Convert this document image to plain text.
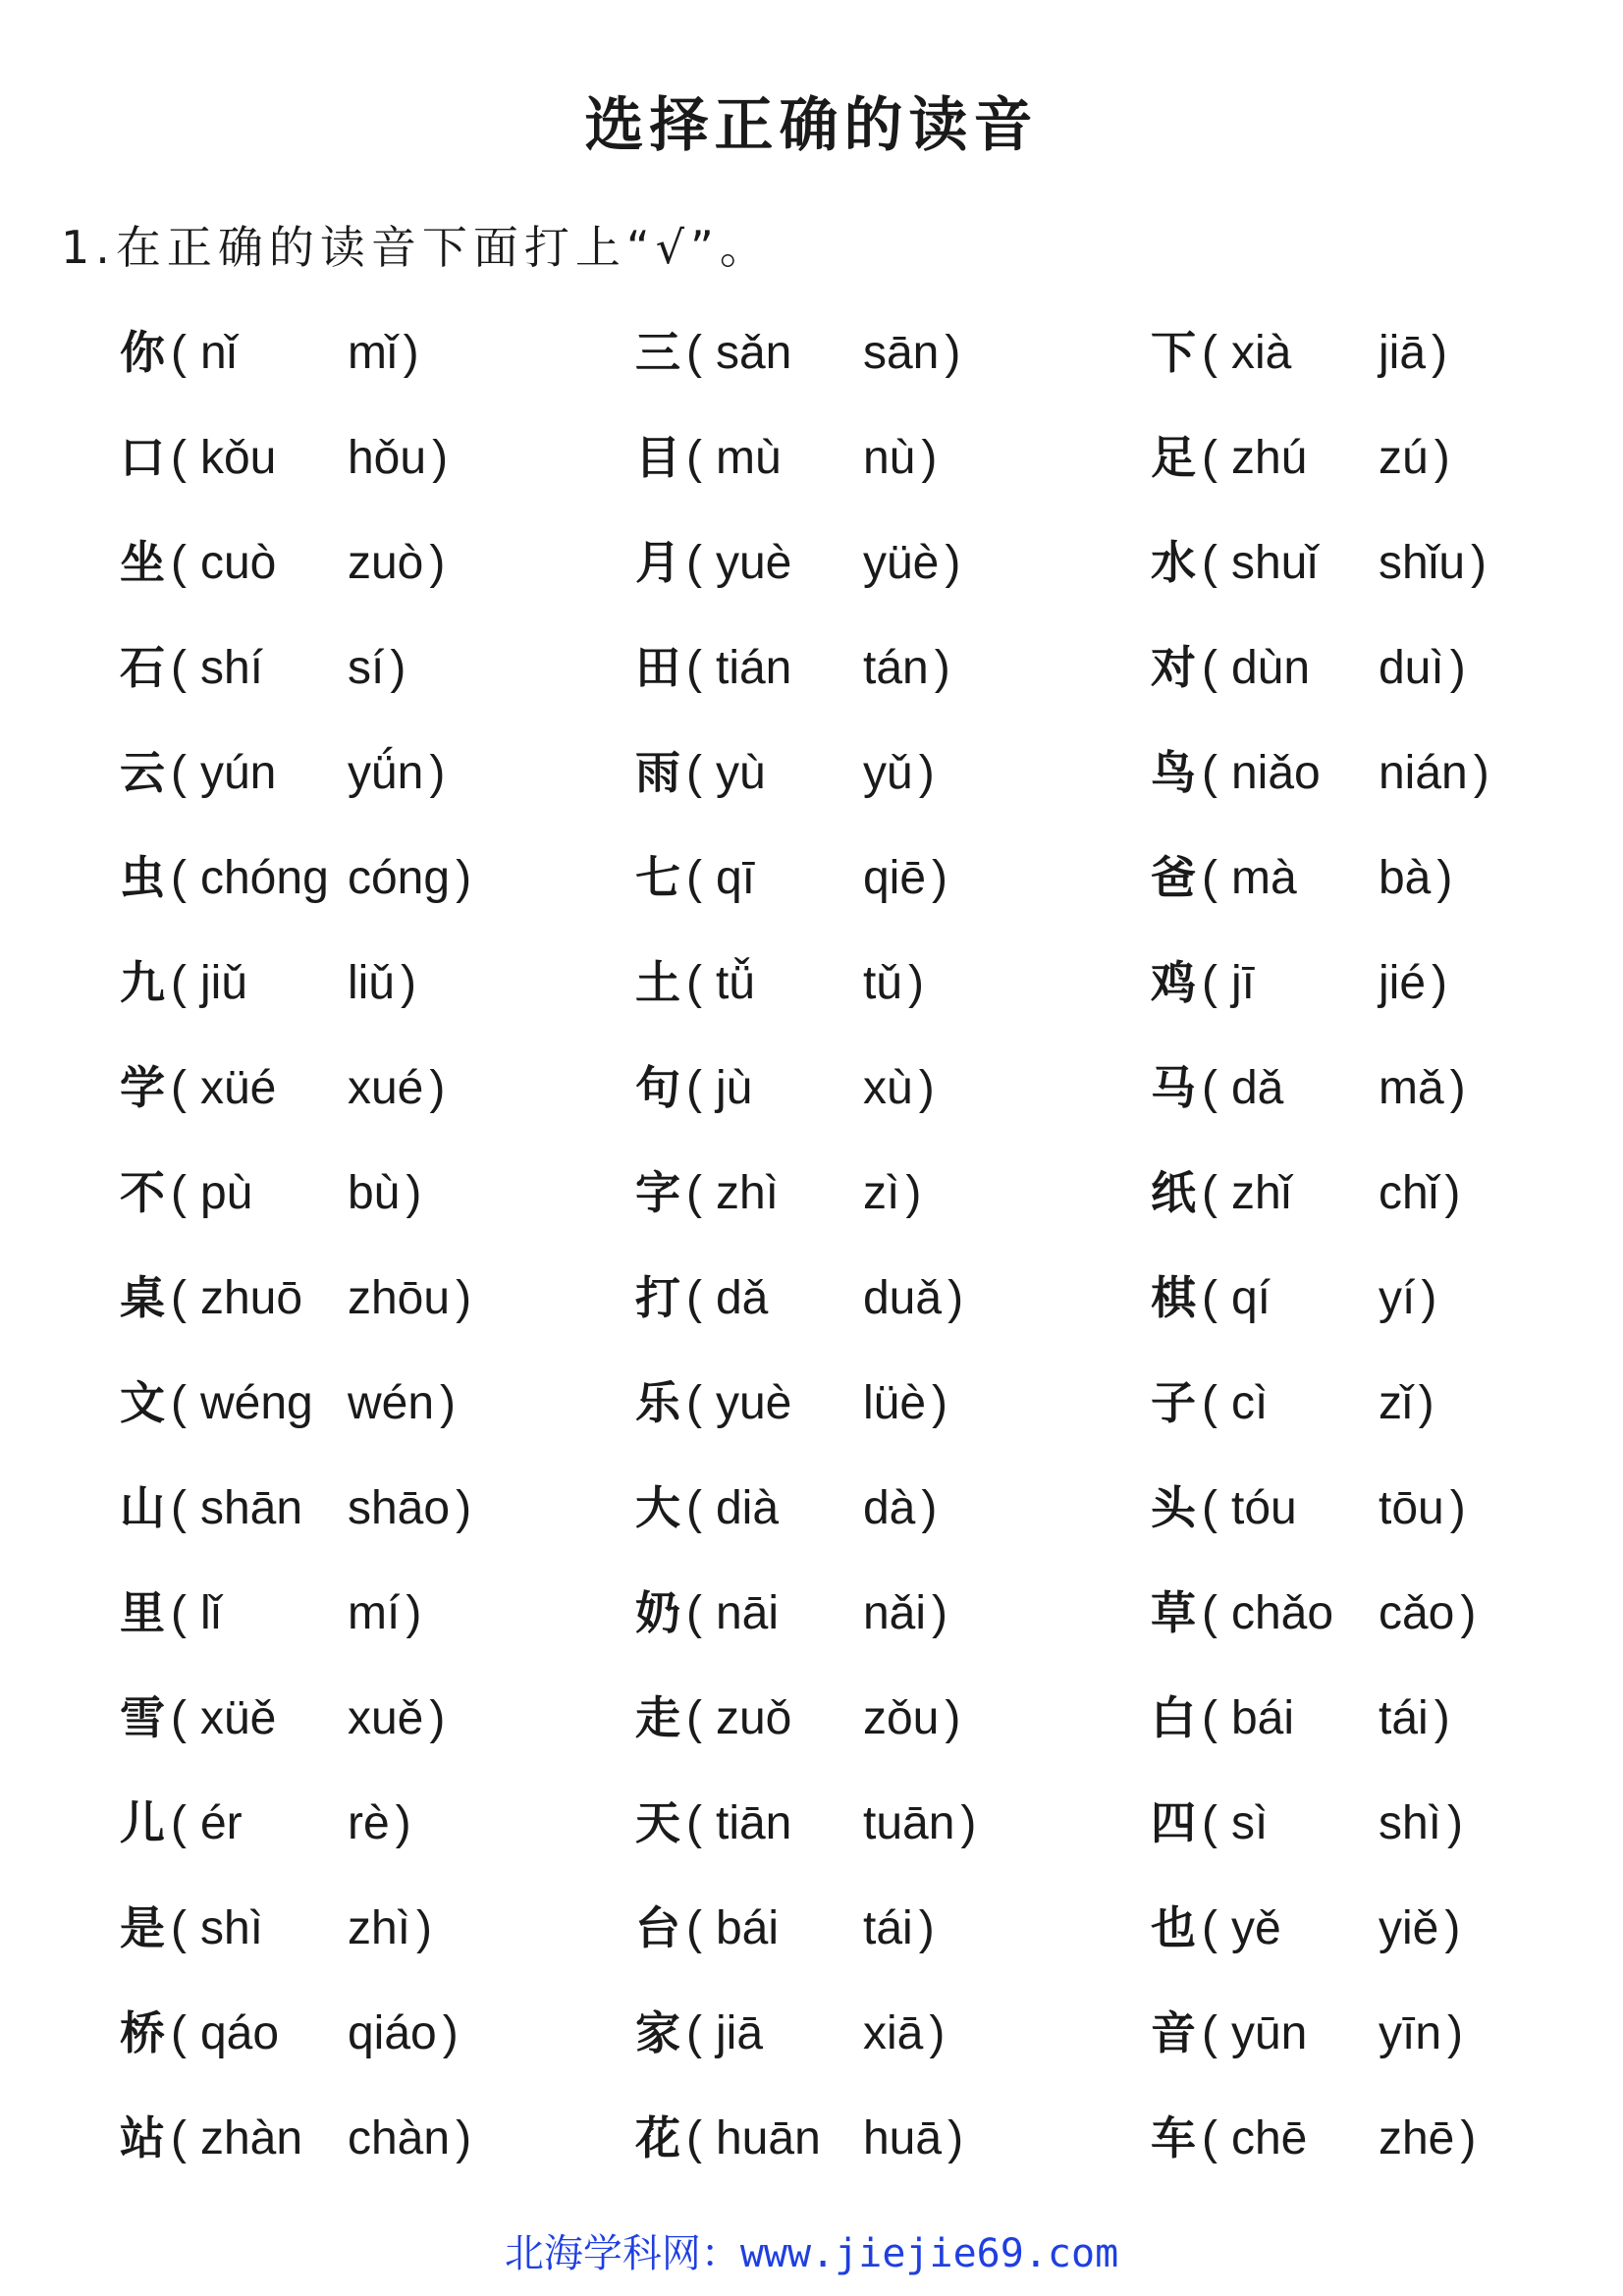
选择正确的读音
1.在正确的读音下面打上“√”。
你 ( nǐ	mǐ )	三 ( sǎn	sān )	下 ( xià	jiā )
口 ( kǒu	hǒu )	目 ( mù	nù )	足 ( zhú	zú )
坐 ( cuò	zuò )	月 ( yuè	yüè )	水 ( shuǐ	shǐu )
石 ( shí	sí )	田 ( tián	tán )	对 ( dùn	duì )
云 ( yún	yǘn )	雨 ( yù	yǔ )	鸟 ( niǎo	nián )
虫 ( chóng cóng )	七 ( qī	qiē )	爸 ( mà	bà )
九 ( jiǔ	liǔ )	土 ( tǚ	tǔ )	鸡 ( jī	jié )
学 ( xüé	xué )	句 ( jù	xù )	马 ( dǎ	mǎ )
不 ( pù	bù )	字 ( zhì	zì )	纸 ( zhǐ	chǐ )
桌 ( zhuō zhōu )	打 ( dǎ	duǎ )	棋 ( qí	yí )
文 ( wéng wén )	乐 ( yuè	lüè )	子 ( cì	zǐ )
山 ( shān shāo )	大 ( dià	dà )	头 ( tóu	tōu )
里 ( lǐ	mí )	奶 ( nāi	nǎi )	草 ( chǎo cǎo )
雪 ( xüě	xuě )	走 ( zuǒ	zǒu )	白 ( bái	tái )
儿 ( ér	rè )	天 ( tiān	tuān )	四 ( sì	shì )
是 ( shì	zhì )	台 ( bái	tái )	也 ( yě	yiě )
桥 ( qáo	qiáo )	家 ( jiā	xiā )	音 ( yūn	yīn )
站 ( zhàn chàn )	花 ( huān huā )	车 ( chē	zhē )
北海学科网：www.jiejie69.com
